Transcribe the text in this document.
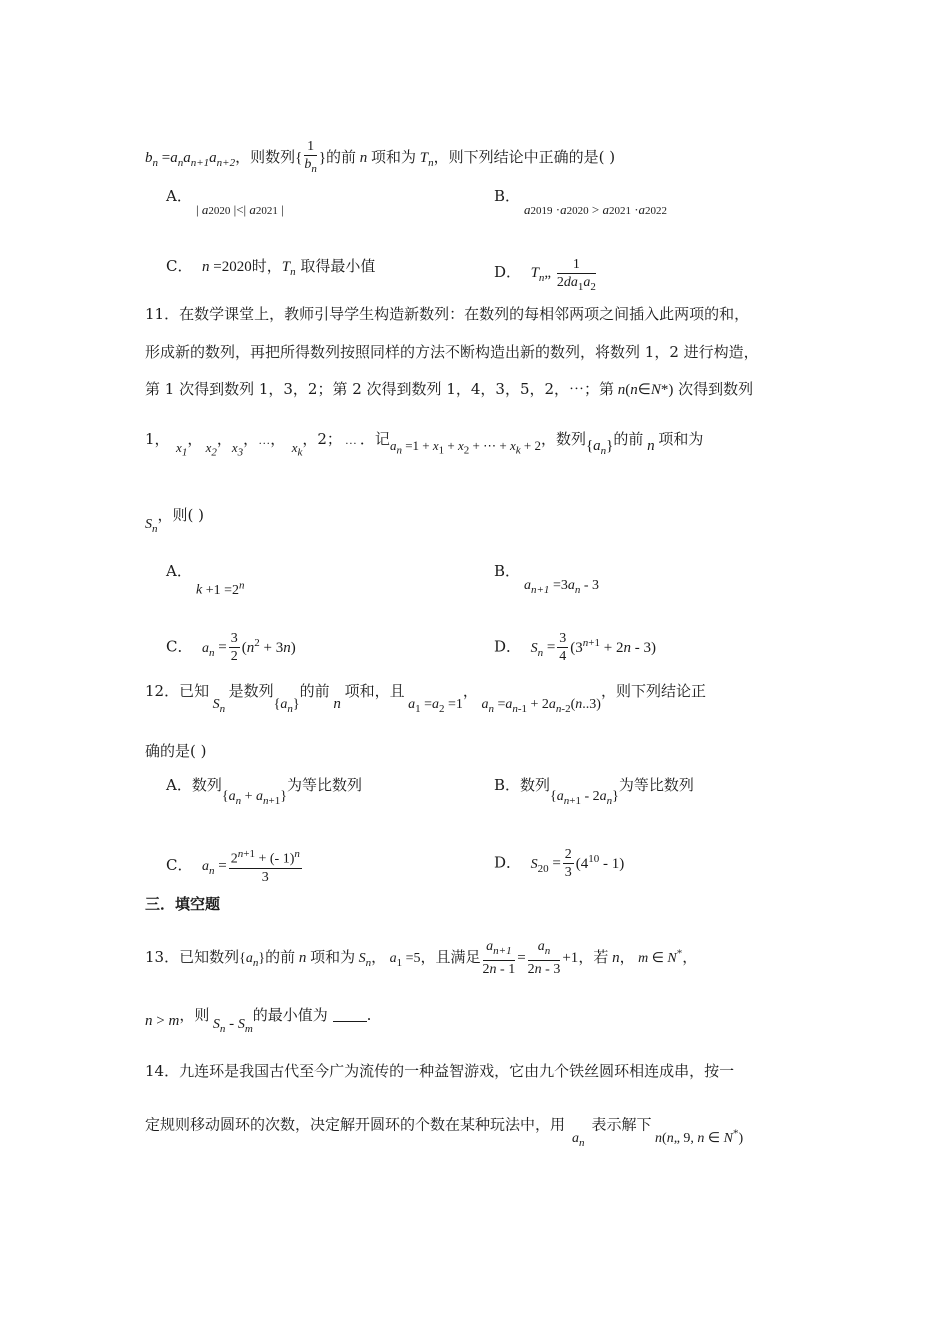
$b_n =a_na_{n+1}a_{n+2}$，则数列{ $\frac{1}{b_n}$ }的前 n 项和为 $T_n$，则下列结论中正确的是( )
A．
| a2020 |<| a2021 |
B．
a2019 ·a2020 > a2021 ·a2022
C． n =2020时，$T_n$ 取得最小值	D． $T_n„ \frac{1}{2da_1a_2}$
11．在数学课堂上，教师引导学生构造新数列：在数列的每相邻两项之间插入此两项的和，
形成新的数列，再把所得数列按照同样的方法不断构造出新的数列，将数列 1，2 进行构造，
第 1 次得到数列 1，3，2；第 2 次得到数列 1，4，3，5，2，⋯；第 n(n∈N*) 次得到数列
1，  $x_1$， $x_2$，$x_3$，…，  $x_k$，2； … ．记$a_n =1 + x_1 + x_2$ + ⋯ + $x_k + 2$，数列$\{a_n\}$的前 n 项和为
$S_n$，则( )
A．
$k +1 =2^n$
B．
$a_{n+1} =3a_n - 3$
C． $a_n = \frac{3}{2} (n^2 + 3n)$	D． $S_n = \frac{3}{4} (3^{n+1} + 2n - 3)$
12．已知 $S_n$ 是数列$\{a_n\}$的前 n 项和，且 $a_1 =a_2 =1$， $a_n =a_{n-1} + 2a_{n-2}(n..3)$，则下列结论正
确的是( )
A．数列$\{a_n + a_{n+1}\}$为等比数列	B．数列$\{a_{n+1} - 2a_n\}$为等比数列
C． $a_n = \frac{2^{n+1} + (- 1)^n}{3}$	D． $S_{20} = \frac{2}{3} (4^{10} - 1)$
三．填空题
13．已知数列$\{a_n\}$的前 n 项和为 $S_n$， $a_1 =5$，且满足 $\frac{a_{n+1}}{2n - 1} = \frac{a_n}{2n - 3} +1$，若 n， m ∈ N*，
n > m，则 $S_n - S_m$的最小值为	.
14．九连环是我国古代至今广为流传的一种益智游戏，它由九个铁丝圆环相连成串，按一
定规则移动圆环的次数，决定解开圆环的个数在某种玩法中，用  $a_n$  表示解下 n(n„ 9, n ∈ N*)
